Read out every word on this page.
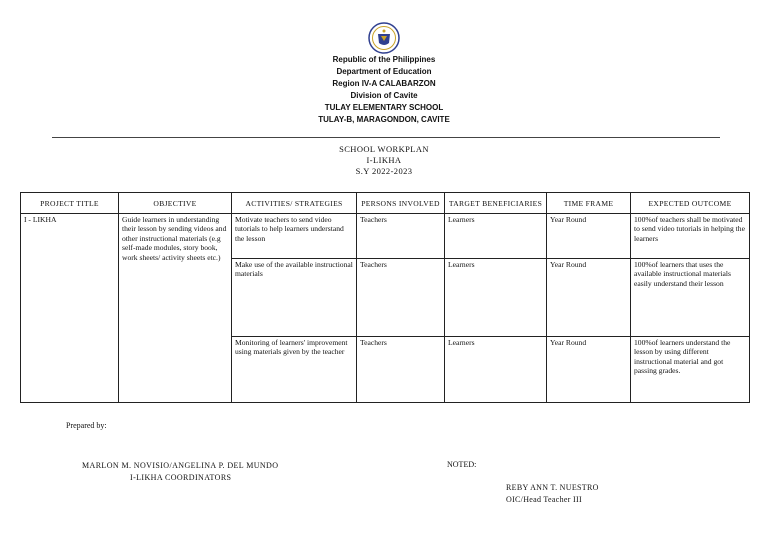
Republic of the Philippines
Department of Education
Region IV-A CALABARZON
Division of Cavite
TULAY ELEMENTARY SCHOOL
TULAY-B, MARAGONDON, CAVITE
SCHOOL WORKPLAN
I-LIKHA
S.Y 2022-2023
PROJECT TITLE	OBJECTIVE	ACTIVITIES/ STRATEGIES	PERSONS INVOLVED	TARGET BENEFICIARIES	TIME FRAME	EXPECTED OUTCOME
I - LIKHA	Guide learners in understanding their lesson by sending videos and other instructional materials (e.g self-made modules, story book, work sheets/ activity sheets etc.)	Motivate teachers to send video tutorials to help learners understand the lesson	Teachers	Learners	Year Round	100%of teachers shall be motivated to send video tutorials in helping the learners

		Make use of the available instructional materials	Teachers	Learners	Year Round	100%of learners that uses the available instructional materials easily understand their lesson
		Monitoring of learners' improvement using materials given by the teacher	Teachers	Learners	Year Round	100%of learners understand the lesson by using different instructional material and got passing grades.
Prepared by:
MARLON M. NOVISIO/ANGELINA P. DEL MUNDO
I-LIKHA COORDINATORS
NOTED:
REBY ANN T. NUESTRO
OIC/Head Teacher III
